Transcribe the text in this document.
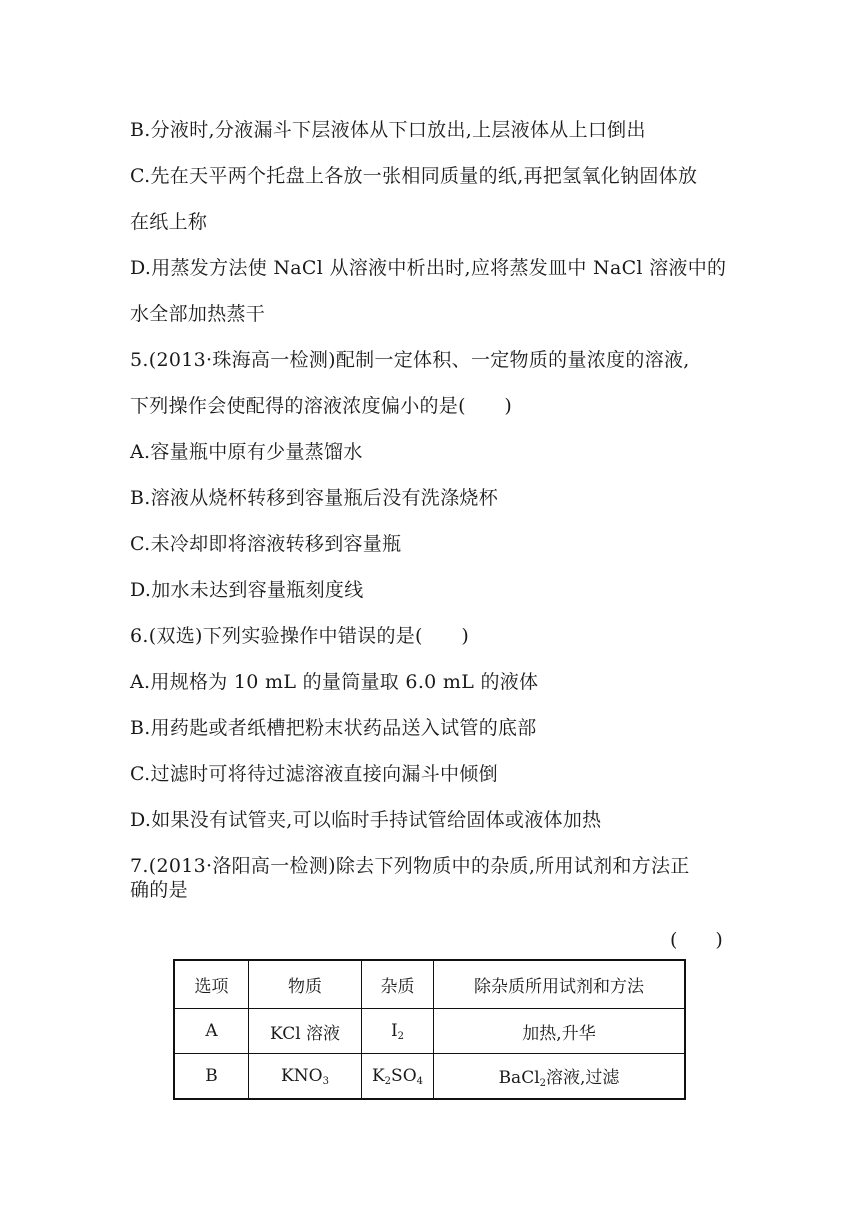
B.分液时,分液漏斗下层液体从下口放出,上层液体从上口倒出
C.先在天平两个托盘上各放一张相同质量的纸,再把氢氧化钠固体放
在纸上称
D.用蒸发方法使 NaCl 从溶液中析出时,应将蒸发皿中 NaCl 溶液中的
水全部加热蒸干
5.(2013·珠海高一检测)配制一定体积、一定物质的量浓度的溶液,
下列操作会使配得的溶液浓度偏小的是(　　)
A.容量瓶中原有少量蒸馏水
B.溶液从烧杯转移到容量瓶后没有洗涤烧杯
C.未冷却即将溶液转移到容量瓶
D.加水未达到容量瓶刻度线
6.(双选)下列实验操作中错误的是(　　)
A.用规格为 10 mL 的量筒量取 6.0 mL 的液体
B.用药匙或者纸槽把粉末状药品送入试管的底部
C.过滤时可将待过滤溶液直接向漏斗中倾倒
D.如果没有试管夹,可以临时手持试管给固体或液体加热
7.(2013·洛阳高一检测)除去下列物质中的杂质,所用试剂和方法正
确的是
(　　)
选项	物质	杂质	除杂质所用试剂和方法
A	KCl 溶液	$I_2$	加热,升华
B	$KNO_3$	$K_2SO_4$	BaCl$_2$溶液,过滤
